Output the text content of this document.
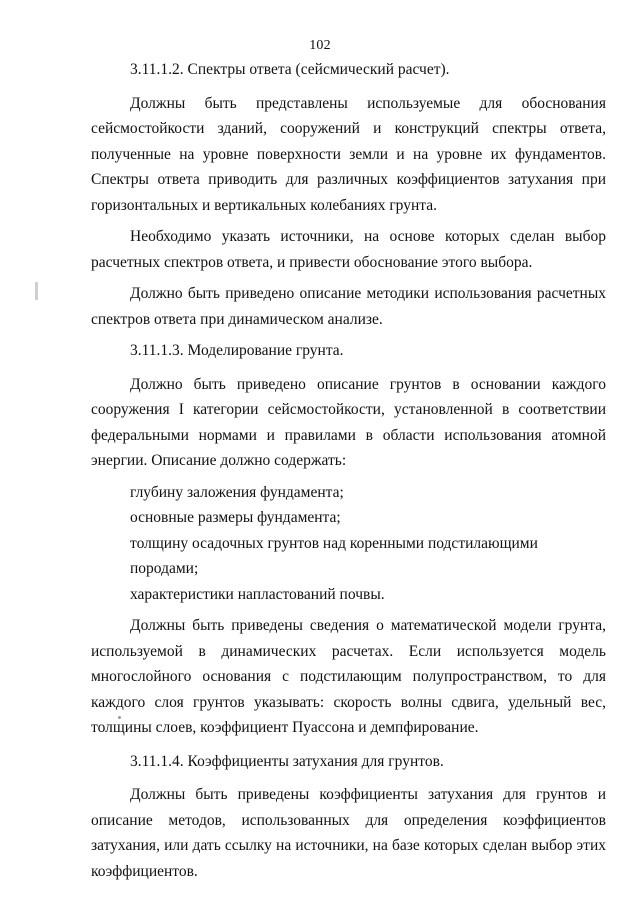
102

3.11.1.2. Спектры ответа (сейсмический расчет).

Должны быть представлены используемые для обоснования сейсмостойкости зданий, сооружений и конструкций спектры ответа, полученные на уровне поверхности земли и на уровне их фундаментов. Спектры ответа приводить для различных коэффициентов затухания при горизонтальных и вертикальных колебаниях грунта.

Необходимо указать источники, на основе которых сделан выбор расчетных спектров ответа, и привести обоснование этого выбора.

Должно быть приведено описание методики использования расчетных спектров ответа при динамическом анализе.

3.11.1.3. Моделирование грунта.

Должно быть приведено описание грунтов в основании каждого сооружения I категории сейсмостойкости, установленной в соответствии федеральными нормами и правилами в области использования атомной энергии. Описание должно содержать:

глубину заложения фундамента;
основные размеры фундамента;
толщину осадочных грунтов над коренными подстилающими породами;
характеристики напластований почвы.

Должны быть приведены сведения о математической модели грунта, используемой в динамических расчетах. Если используется модель многослойного основания с подстилающим полупространством, то для каждого слоя грунтов указывать: скорость волны сдвига, удельный вес, толщины слоев, коэффициент Пуассона и демпфирование.

3.11.1.4. Коэффициенты затухания для грунтов.

Должны быть приведены коэффициенты затухания для грунтов и описание методов, использованных для определения коэффициентов затухания, или дать ссылку на источники, на базе которых сделан выбор этих коэффициентов.
